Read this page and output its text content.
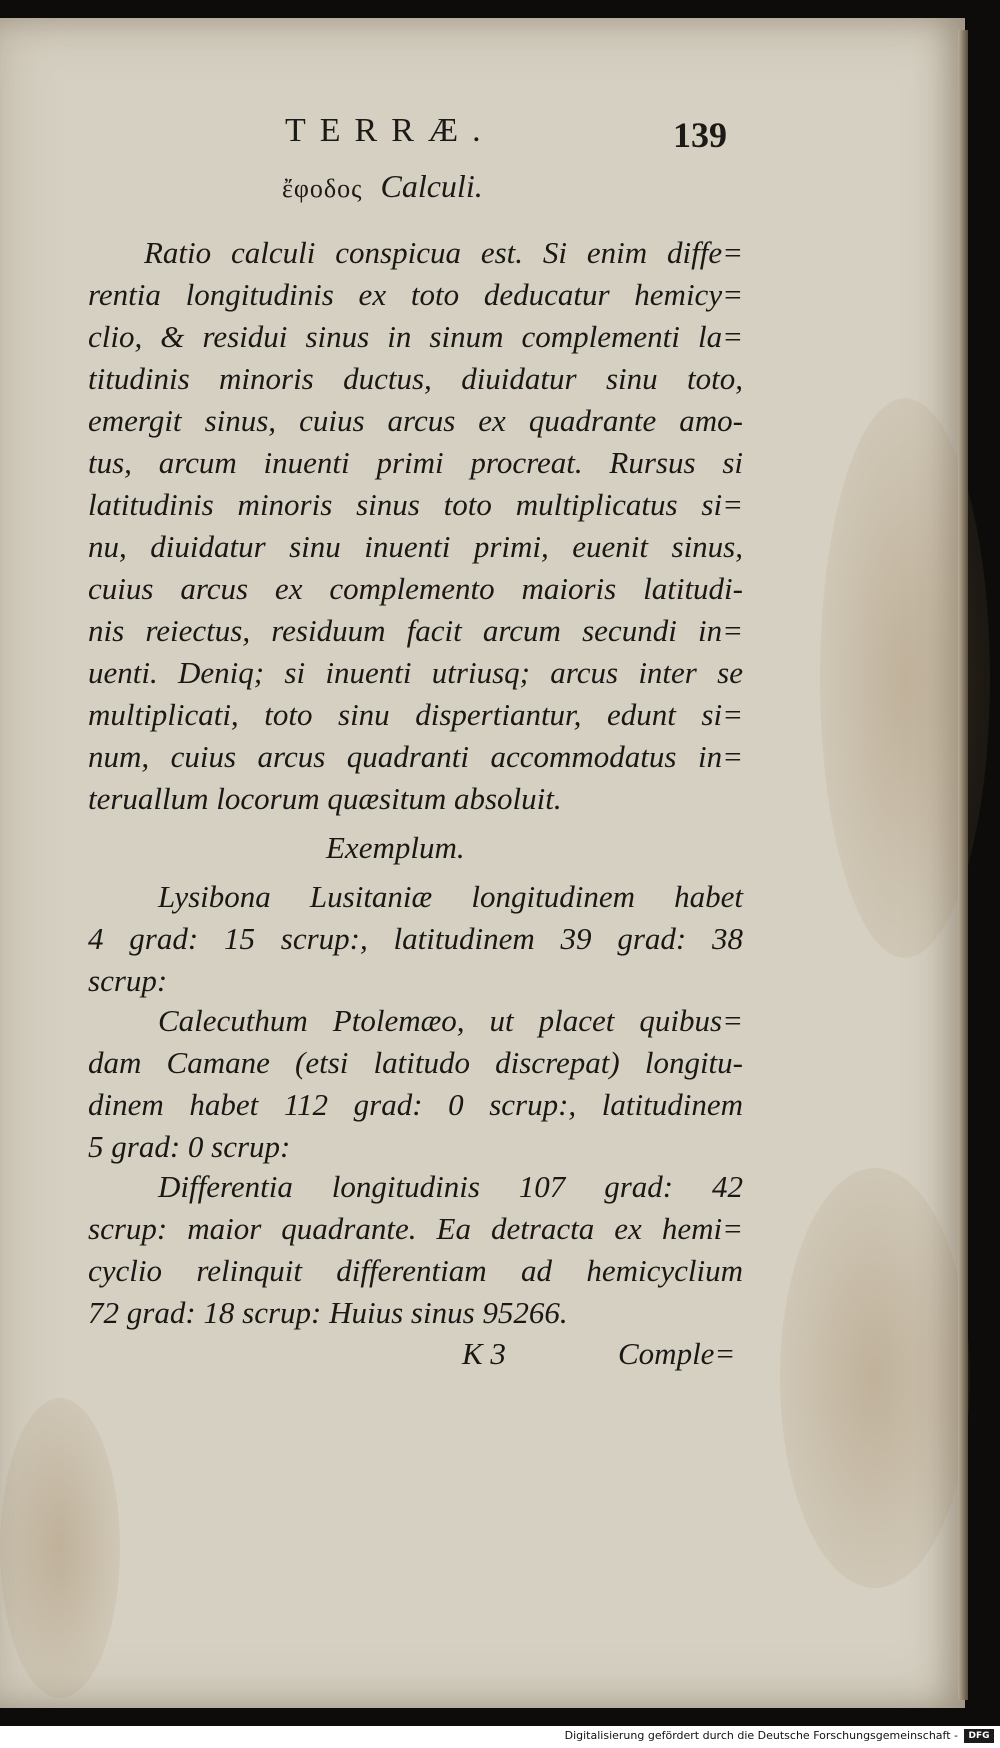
TERRÆ.	139
ἔφοδος Calculi.
Ratio calculi conspicua est. Si enim diffe=
rentia longitudinis ex toto deducatur hemicy=
clio, & residui sinus in sinum complementi la=
titudinis minoris ductus, diuidatur sinu toto,
emergit sinus, cuius arcus ex quadrante amo-
tus, arcum inuenti primi procreat. Rursus si
latitudinis minoris sinus toto multiplicatus si=
nu, diuidatur sinu inuenti primi, euenit sinus,
cuius arcus ex complemento maioris latitudi-
nis reiectus, residuum facit arcum secundi in=
uenti. Deniq; si inuenti utriusq; arcus inter se
multiplicati, toto sinu dispertiantur, edunt si=
num, cuius arcus quadranti accommodatus in=
teruallum locorum quæsitum absoluit.
Exemplum.
Lysibona Lusitaniæ longitudinem habet
4 grad: 15 scrup:, latitudinem 39 grad: 38
scrup:
Calecuthum Ptolemæo, ut placet quibus=
dam Camane (etsi latitudo discrepat) longitu-
dinem habet 112 grad: 0 scrup:, latitudinem
5 grad: 0 scrup:
Differentia longitudinis 107 grad: 42
scrup: maior quadrante. Ea detracta ex hemi=
cyclio relinquit differentiam ad hemicyclium
72 grad: 18 scrup: Huius sinus 95266.
K 3	Comple=
Digitalisierung gefördert durch die Deutsche Forschungsgemeinschaft -	DFG
